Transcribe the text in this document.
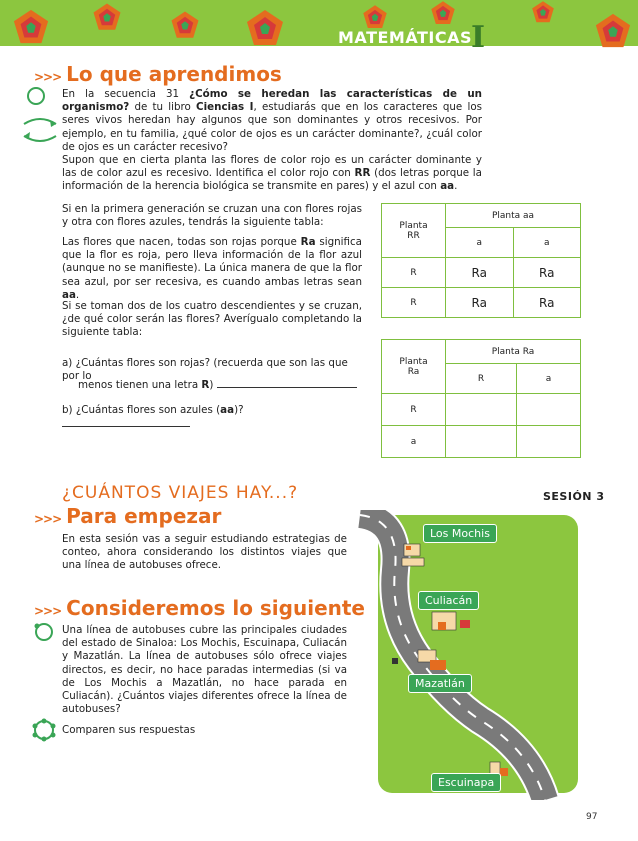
MATEMÁTICAS I
>>> Lo que aprendimos
En la secuencia 31 ¿Cómo se heredan las características de un organismo? de tu libro Ciencias I, estudiarás que en los caracteres que los seres vivos heredan hay algunos que son dominantes y otros recesivos. Por ejemplo, en tu familia, ¿qué color de ojos es un carácter dominante?, ¿cuál color de ojos es un carácter recesivo?
Supon que en cierta planta las flores de color rojo es un carácter dominante y las de color azul es recesivo. Identifica el color rojo con RR (dos letras porque la información de la herencia biológica se transmite en pares) y el azul con aa.
Si en la primera generación se cruzan una con flores rojas y otra con flores azules, tendrás la siguiente tabla:
Las flores que nacen, todas son rojas porque Ra significa que la flor es roja, pero lleva información de la flor azul (aunque no se manifieste). La única manera de que la flor sea azul, por ser recesiva, es cuando ambas letras sean aa.
Si se toman dos de los cuatro descendientes y se cruzan, ¿de qué color serán las flores? Averígualo completando la siguiente tabla:
a) ¿Cuántas flores son rojas? (recuerda que son las que por lo
menos tienen una letra R)
b) ¿Cuántas flores son azules (aa)?
Planta
RR	Planta aa	
	a	a
R	Ra	Ra
R	Ra	Ra
Planta
Ra	Planta Ra	
	R	a
R		
a		
¿CUÁNTOS VIAJES HAY...?	SESIÓN 3
>>> Para empezar
En esta sesión vas a seguir estudiando estrategias de conteo, ahora considerando los distintos viajes que una línea de autobuses ofrece.
>>> Consideremos lo siguiente
Una línea de autobuses cubre las principales ciudades del estado de Sinaloa: Los Mochis, Escuinapa, Culiacán y Mazatlán. La línea de autobuses sólo ofrece viajes directos, es decir, no hace paradas intermedias (si va de Los Mochis a Mazatlán, no hace parada en Culiacán). ¿Cuántos viajes diferentes ofrece la línea de autobuses?
Comparen sus respuestas
Los Mochis
Culiacán
Mazatlán
Escuinapa
97
